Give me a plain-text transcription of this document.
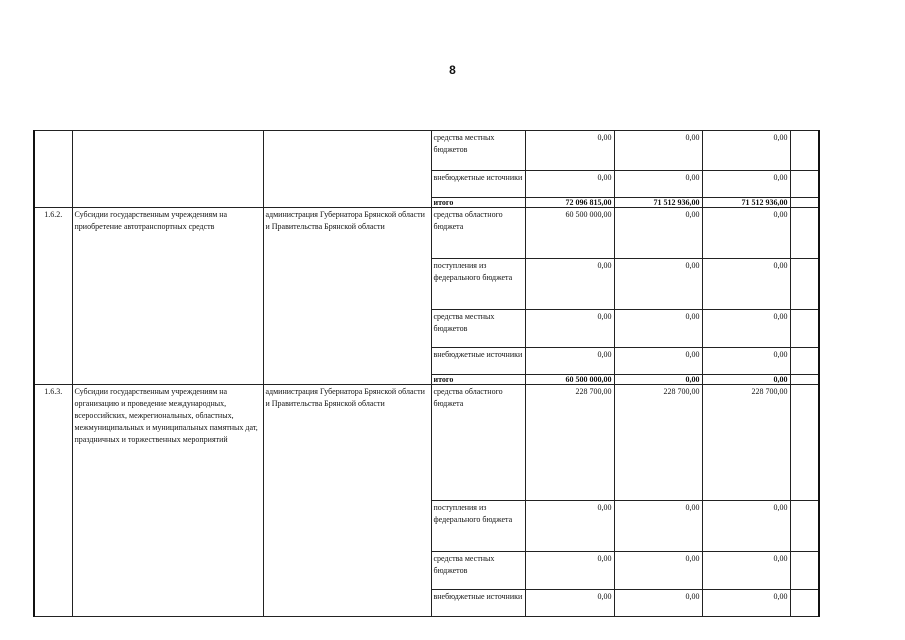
8
			средства местных бюджетов	0,00	0,00	0,00	
			внебюджетные источники	0,00	0,00	0,00	
			итого	72 096 815,00	71 512 936,00	71 512 936,00	
1.6.2.	Субсидии государственным учреждениям на приобретение автотранспортных средств	администрация Губернатора Брянской области и Правительства Брянской области	средства областного бюджета	60 500 000,00	0,00	0,00	
			поступления из федерального бюджета	0,00	0,00	0,00	
			средства местных бюджетов	0,00	0,00	0,00	
			внебюджетные источники	0,00	0,00	0,00	
			итого	60 500 000,00	0,00	0,00	
1.6.3.	Субсидии государственным учреждениям на организацию и проведение международных, всероссийских, межрегиональных, областных, межмуниципальных и муниципальных памятных дат, праздничных и торжественных мероприятий	администрация Губернатора Брянской области и Правительства Брянской области	средства областного бюджета	228 700,00	228 700,00	228 700,00	
			поступления из федерального бюджета	0,00	0,00	0,00	
			средства местных бюджетов	0,00	0,00	0,00	
			внебюджетные источники	0,00	0,00	0,00	
